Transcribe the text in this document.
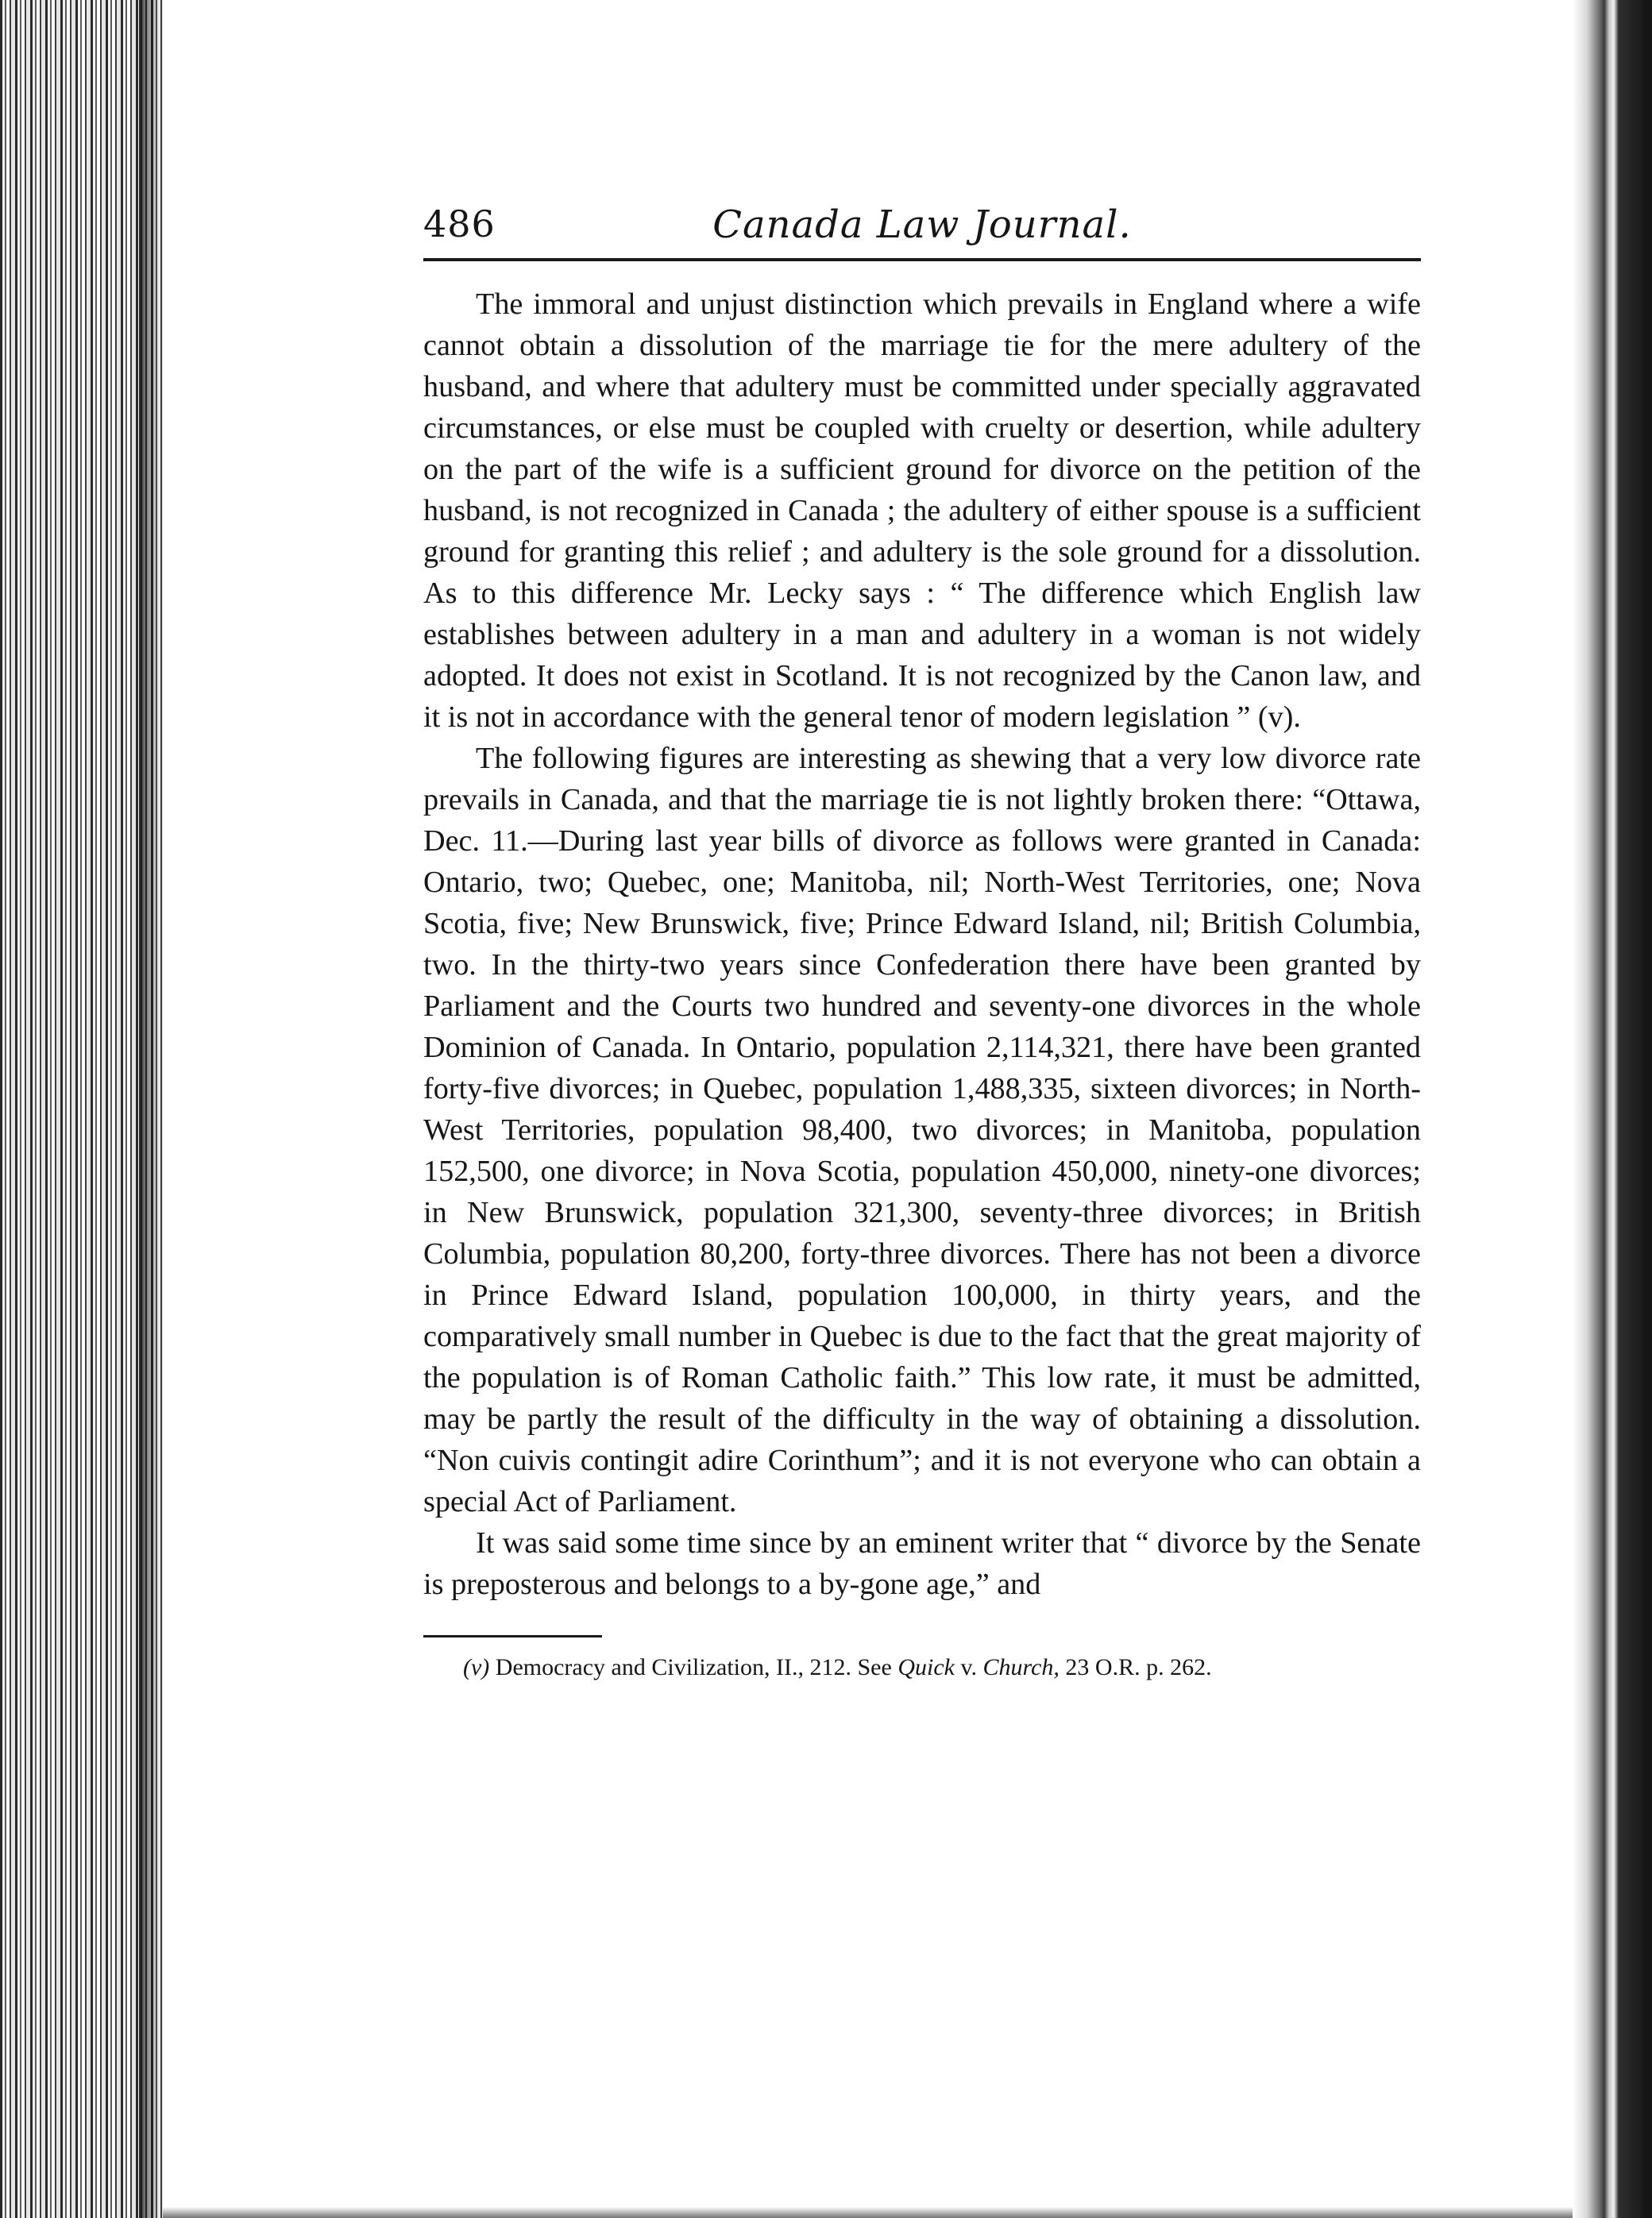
486	Canada Law Journal.

The immoral and unjust distinction which prevails in England where a wife cannot obtain a dissolution of the marriage tie for the mere adultery of the husband, and where that adultery must be committed under specially aggravated circumstances, or else must be coupled with cruelty or desertion, while adultery on the part of the wife is a sufficient ground for divorce on the petition of the husband, is not recognized in Canada ; the adultery of either spouse is a sufficient ground for granting this relief ; and adultery is the sole ground for a dissolution. As to this difference Mr. Lecky says : “ The difference which English law establishes between adultery in a man and adultery in a woman is not widely adopted. It does not exist in Scotland. It is not recognized by the Canon law, and it is not in accordance with the general tenor of modern legislation ” (v).

The following figures are interesting as shewing that a very low divorce rate prevails in Canada, and that the marriage tie is not lightly broken there: “Ottawa, Dec. 11.—During last year bills of divorce as follows were granted in Canada: Ontario, two; Quebec, one; Manitoba, nil; North-West Territories, one; Nova Scotia, five; New Brunswick, five; Prince Edward Island, nil; British Columbia, two. In the thirty-two years since Confederation there have been granted by Parliament and the Courts two hundred and seventy-one divorces in the whole Dominion of Canada. In Ontario, population 2,114,321, there have been granted forty-five divorces; in Quebec, population 1,488,335, sixteen divorces; in North-West Territories, population 98,400, two divorces; in Manitoba, population 152,500, one divorce; in Nova Scotia, population 450,000, ninety-one divorces; in New Brunswick, population 321,300, seventy-three divorces; in British Columbia, population 80,200, forty-three divorces. There has not been a divorce in Prince Edward Island, population 100,000, in thirty years, and the comparatively small number in Quebec is due to the fact that the great majority of the population is of Roman Catholic faith.” This low rate, it must be admitted, may be partly the result of the difficulty in the way of obtaining a dissolution. “Non cuivis contingit adire Corinthum”; and it is not everyone who can obtain a special Act of Parliament.

It was said some time since by an eminent writer that “ divorce by the Senate is preposterous and belongs to a by-gone age,” and

(v) Democracy and Civilization, II., 212. See Quick v. Church, 23 O.R. p. 262.
